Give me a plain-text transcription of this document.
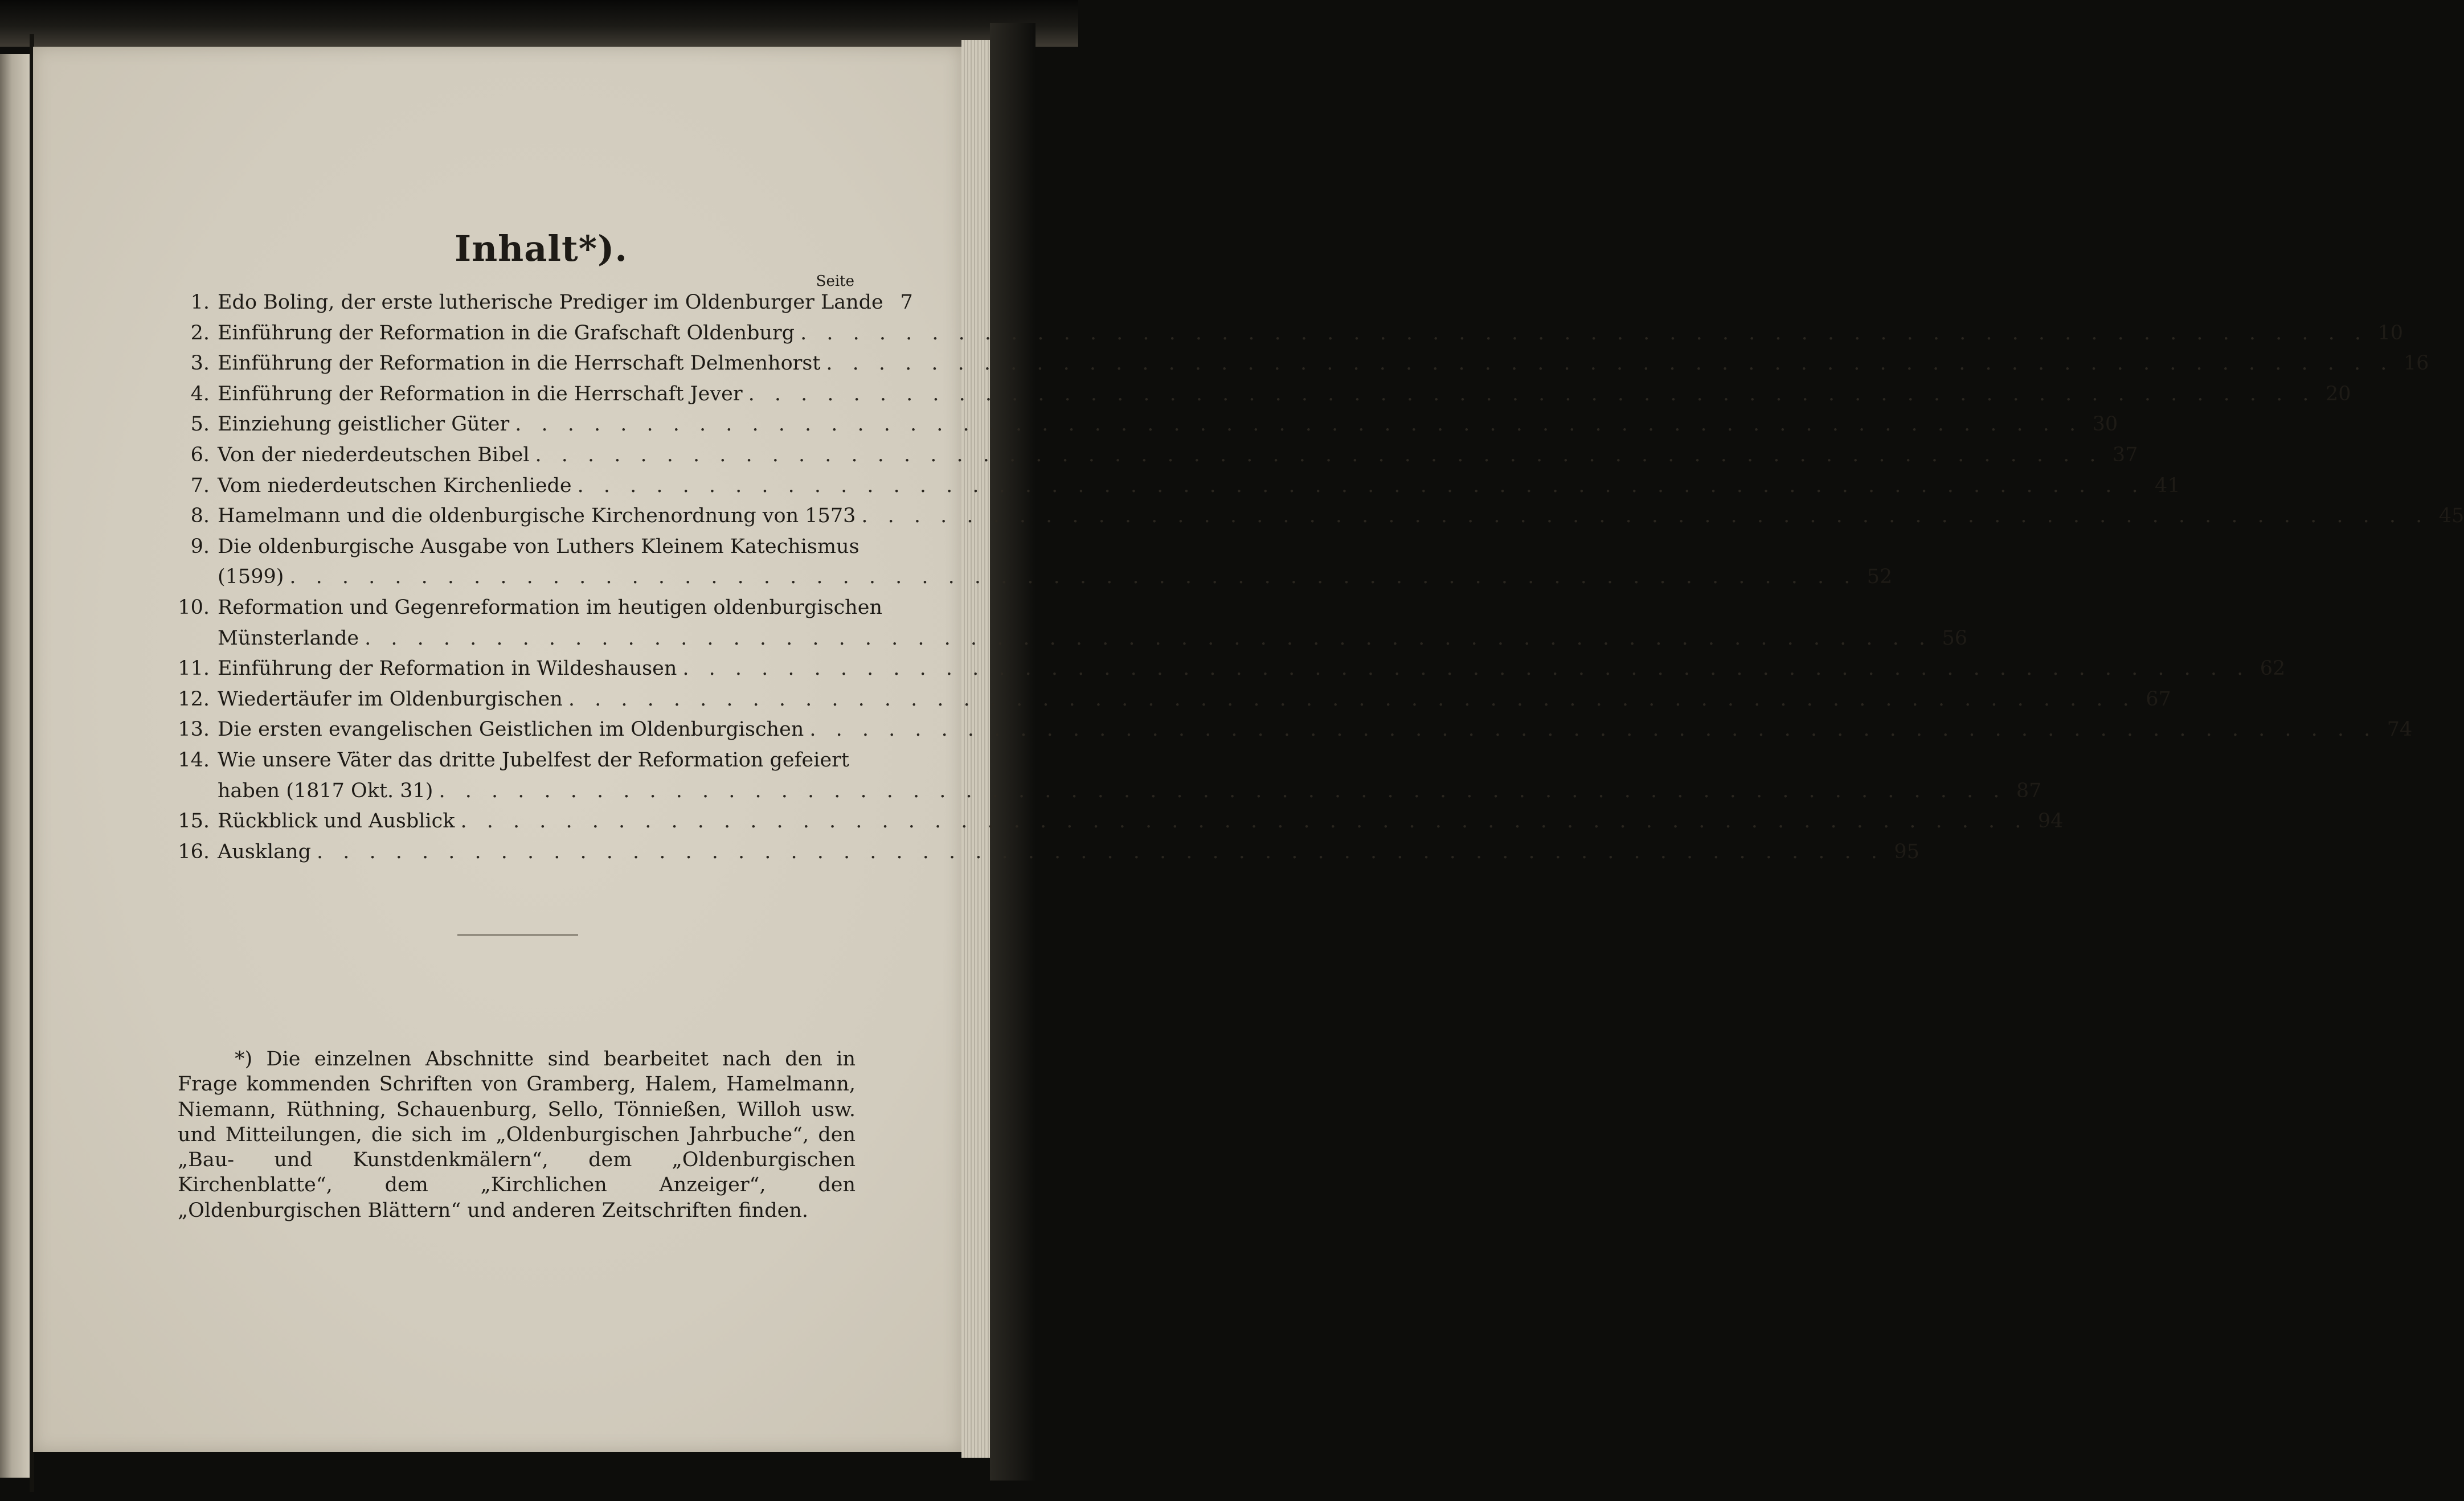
Inhalt*).
Seite
1. Edo Boling, der erste lutherische Prediger im Oldenburger Lande 7
2. Einführung der Reformation in die Grafschaft Oldenburg . . .	10
3. Einführung der Reformation in die Herrschaft Delmenhorst . . .	16
4. Einführung der Reformation in die Herrschaft Jever . . .	20
5. Einziehung geistlicher Güter . . .	30
6. Von der niederdeutschen Bibel . . .	37
7. Vom niederdeutschen Kirchenliede . . .	41
8. Hamelmann und die oldenburgische Kirchenordnung von 1573 . . .	45
9. Die oldenburgische Ausgabe von Luthers Kleinem Katechismus
(1599) . . .	52
10. Reformation und Gegenreformation im heutigen oldenburgischen
Münsterlande . . .	56
11. Einführung der Reformation in Wildeshausen . . .	62
12. Wiedertäufer im Oldenburgischen . . .	67
13. Die ersten evangelischen Geistlichen im Oldenburgischen . . .	74
14. Wie unsere Väter das dritte Jubelfest der Reformation gefeiert
haben (1817 Okt. 31) . . .	87
15. Rückblick und Ausblick . . .	94
16. Ausklang . . .	95
*) Die einzelnen Abschnitte sind bearbeitet nach den in Frage kommenden Schriften von Gramberg, Halem, Hamelmann, Niemann, Rüthning, Schauenburg, Sello, Tönnießen, Willoh usw. und Mitteilungen, die sich im „Oldenburgischen Jahrbuche“, den „Bau- und Kunstdenkmälern“, dem „Oldenburgischen Kirchenblatte“, dem „Kirchlichen Anzeiger“, den „Oldenburgischen Blättern“ und anderen Zeitschriften finden.
